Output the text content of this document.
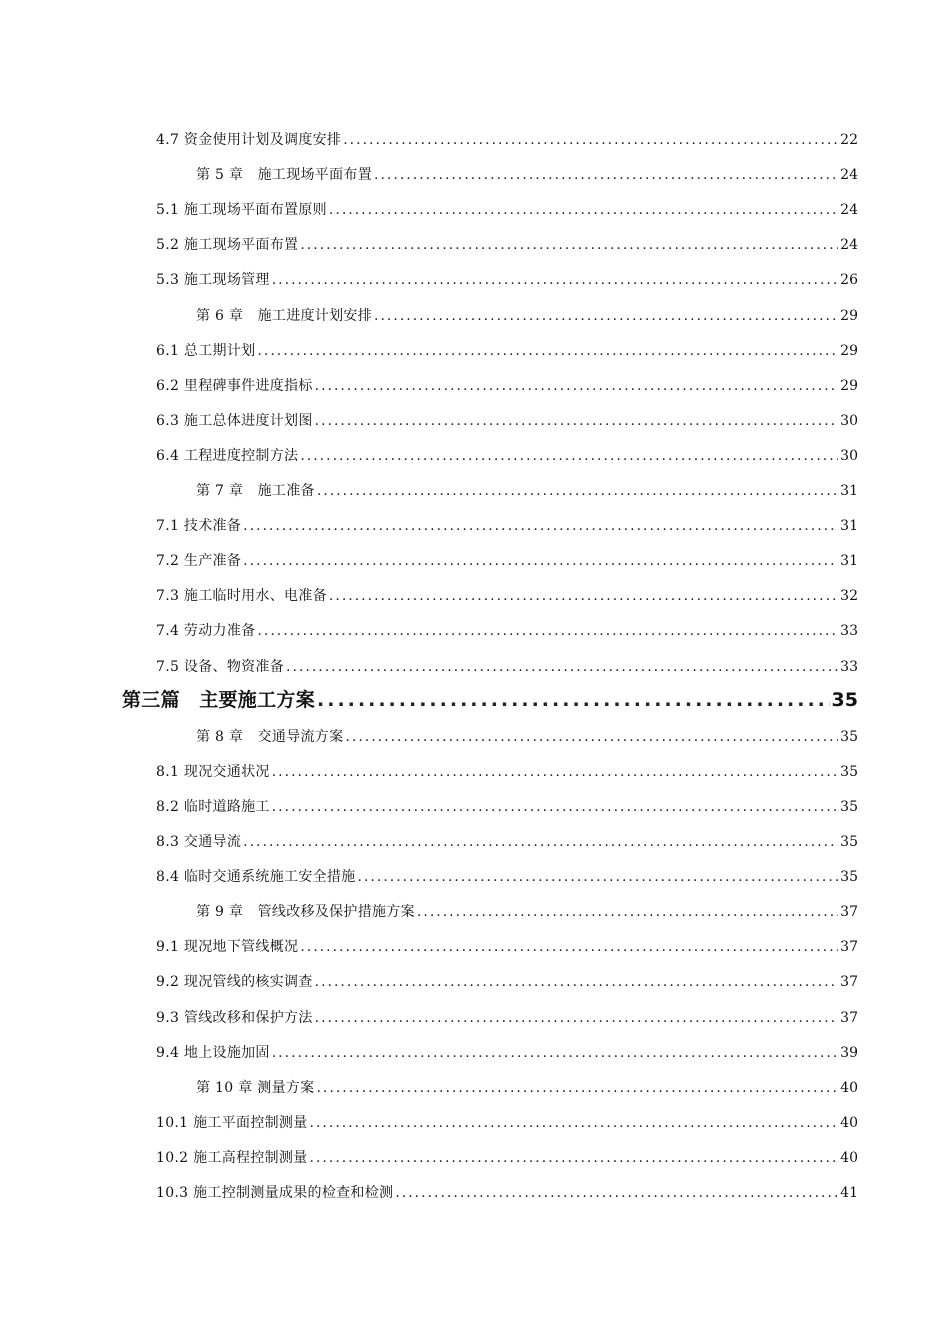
4.7 资金使用计划及调度安排 .....	22
第 5 章　施工现场平面布置 .....	24
5.1 施工现场平面布置原则 .....	24
5.2 施工现场平面布置 .....	24
5.3 施工现场管理 .....	26
第 6 章　施工进度计划安排 .....	29
6.1 总工期计划 .....	29
6.2 里程碑事件进度指标 .....	29
6.3 施工总体进度计划图 .....	30
6.4 工程进度控制方法 .....	30
第 7 章　施工准备 .....	31
7.1 技术准备 .....	31
7.2 生产准备 .....	31
7.3 施工临时用水、电准备 .....	32
7.4 劳动力准备 .....	33
7.5 设备、物资准备 .....	33
第三篇　主要施工方案 .....	35
第 8 章　交通导流方案 .....	35
8.1 现况交通状况 .....	35
8.2 临时道路施工 .....	35
8.3 交通导流 .....	35
8.4 临时交通系统施工安全措施 .....	35
第 9 章　管线改移及保护措施方案 .....	37
9.1 现况地下管线概况 .....	37
9.2 现况管线的核实调查 .....	37
9.3 管线改移和保护方法 .....	37
9.4 地上设施加固 .....	39
第 10 章 测量方案 .....	40
10.1 施工平面控制测量 .....	40
10.2 施工高程控制测量 .....	40
10.3 施工控制测量成果的检查和检测 .....	41
